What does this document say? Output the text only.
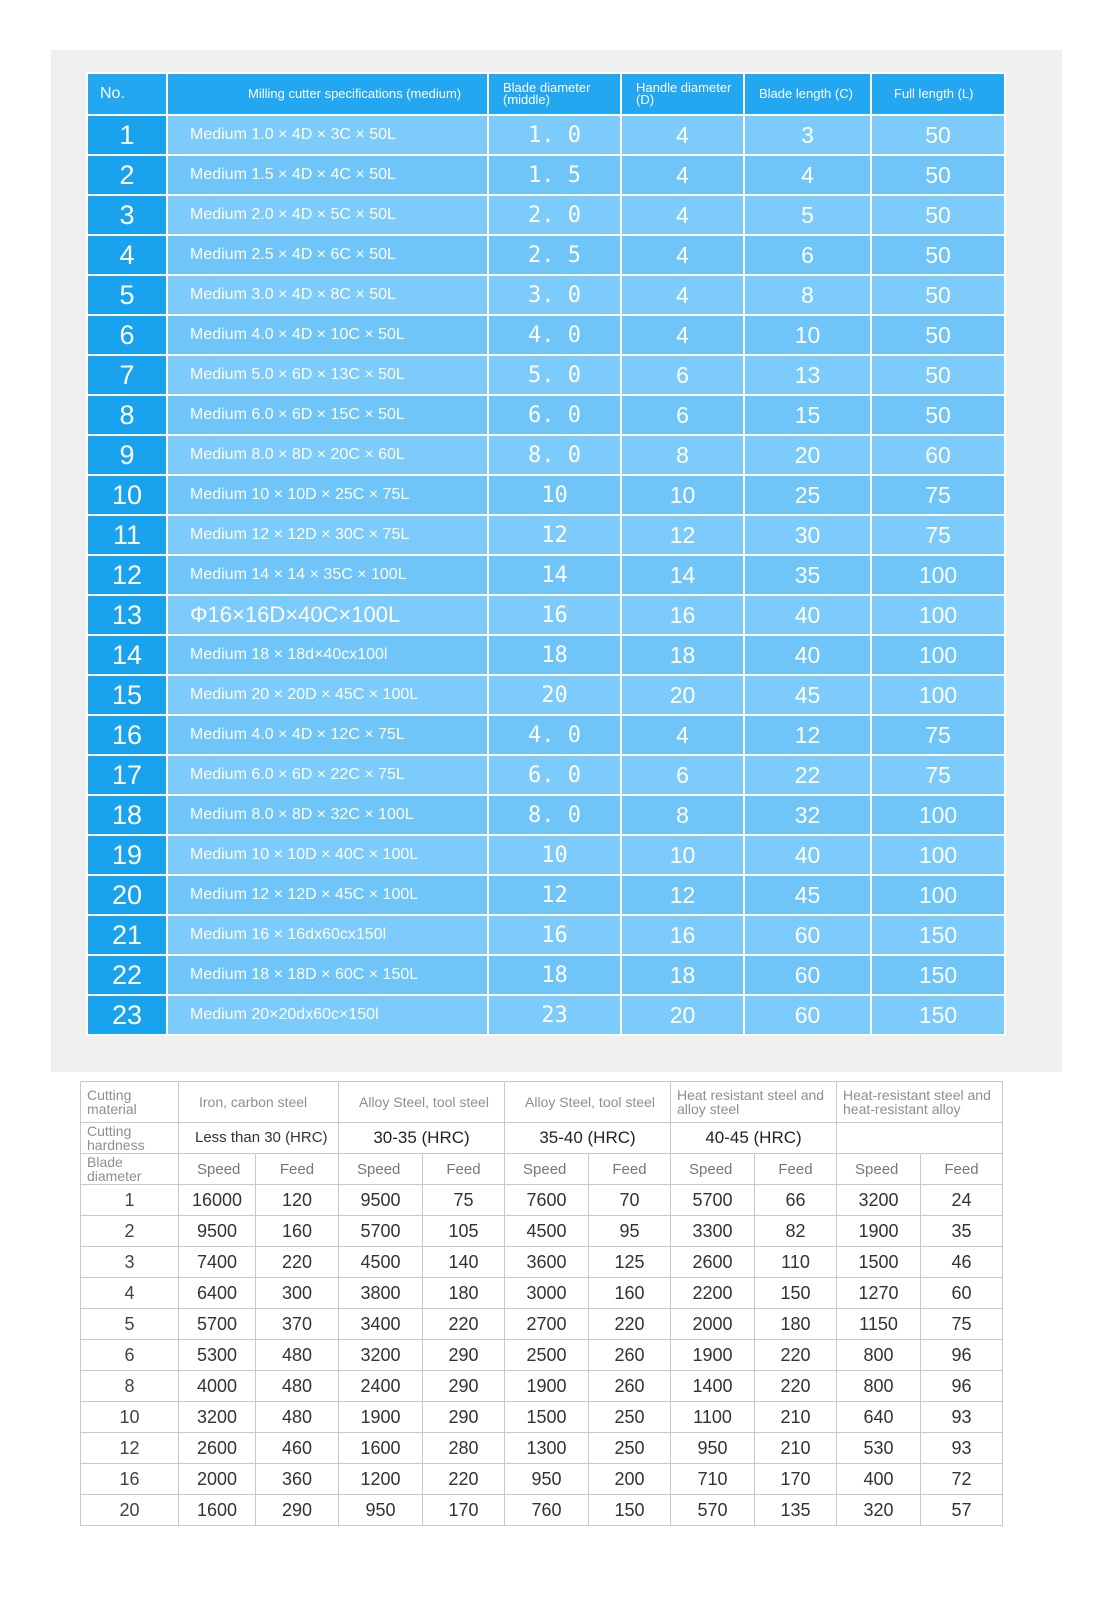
No.	Milling cutter specifications (medium)	Blade diameter (middle)	Handle diameter (D)	Blade length (C)	Full length (L)
1	Medium 1.0 × 4D × 3C × 50L	1. 0	4	3	50
2	Medium 1.5 × 4D × 4C × 50L	1. 5	4	4	50
3	Medium 2.0 × 4D × 5C × 50L	2. 0	4	5	50
4	Medium 2.5 × 4D × 6C × 50L	2. 5	4	6	50
5	Medium 3.0 × 4D × 8C × 50L	3. 0	4	8	50
6	Medium 4.0 × 4D × 10C × 50L	4. 0	4	10	50
7	Medium 5.0 × 6D × 13C × 50L	5. 0	6	13	50
8	Medium 6.0 × 6D × 15C × 50L	6. 0	6	15	50
9	Medium 8.0 × 8D × 20C × 60L	8. 0	8	20	60
10	Medium 10 × 10D × 25C × 75L	10	10	25	75
11	Medium 12 × 12D × 30C × 75L	12	12	30	75
12	Medium 14 × 14 × 35C × 100L	14	14	35	100
13	Φ16×16D×40C×100L	16	16	40	100
14	Medium 18 × 18d×40cx100l	18	18	40	100
15	Medium 20 × 20D × 45C × 100L	20	20	45	100
16	Medium 4.0 × 4D × 12C × 75L	4. 0	4	12	75
17	Medium 6.0 × 6D × 22C × 75L	6. 0	6	22	75
18	Medium 8.0 × 8D × 32C × 100L	8. 0	8	32	100
19	Medium 10 × 10D × 40C × 100L	10	10	40	100
20	Medium 12 × 12D × 45C × 100L	12	12	45	100
21	Medium 16 × 16dx60cx150l	16	16	60	150
22	Medium 18 × 18D × 60C × 150L	18	18	60	150
23	Medium 20×20dx60c×150l	23	20	60	150
Cutting material	Iron, carbon steel		Alloy Steel, tool steel		Alloy Steel, tool steel		Heat resistant steel and alloy steel		Heat-resistant steel and heat-resistant alloy	
Cutting hardness	Less than 30 (HRC)		30-35 (HRC)		35-40 (HRC)		40-45 (HRC)			
Blade diameter	Speed	Feed	Speed	Feed	Speed	Feed	Speed	Feed	Speed	Feed
1	16000	120	9500	75	7600	70	5700	66	3200	24
2	9500	160	5700	105	4500	95	3300	82	1900	35
3	7400	220	4500	140	3600	125	2600	110	1500	46
4	6400	300	3800	180	3000	160	2200	150	1270	60
5	5700	370	3400	220	2700	220	2000	180	1150	75
6	5300	480	3200	290	2500	260	1900	220	800	96
8	4000	480	2400	290	1900	260	1400	220	800	96
10	3200	480	1900	290	1500	250	1100	210	640	93
12	2600	460	1600	280	1300	250	950	210	530	93
16	2000	360	1200	220	950	200	710	170	400	72
20	1600	290	950	170	760	150	570	135	320	57
